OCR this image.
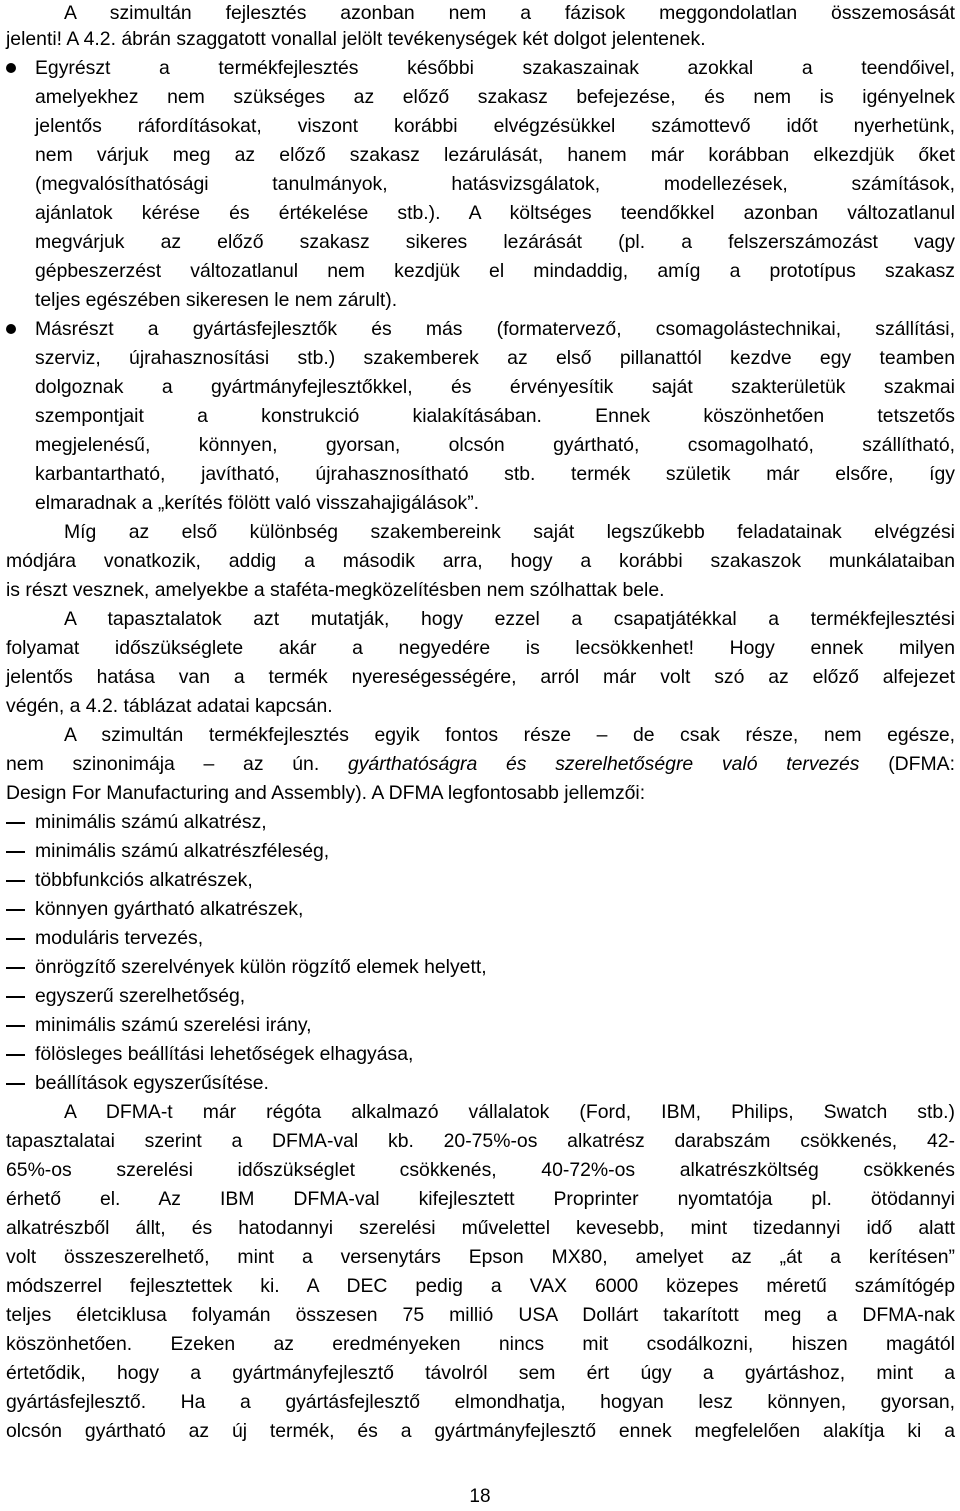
A szimultán fejlesztés azonban nem a fázisok meggondolatlan összemosását
jelenti! A 4.2. ábrán szaggatott vonallal jelölt tevékenységek két dolgot jelentenek.
Egyrészt a termékfejlesztés későbbi szakaszainak azokkal a teendőivel,
amelyekhez nem szükséges az előző szakasz befejezése, és nem is igényelnek
jelentős ráfordításokat, viszont korábbi elvégzésükkel számottevő időt nyerhetünk,
nem várjuk meg az előző szakasz lezárulását, hanem már korábban elkezdjük őket
(megvalósíthatósági tanulmányok, hatásvizsgálatok, modellezések, számítások,
ajánlatok kérése és értékelése stb.). A költséges teendőkkel azonban változatlanul
megvárjuk az előző szakasz sikeres lezárását (pl. a felszerszámozást vagy
gépbeszerzést változatlanul nem kezdjük el mindaddig, amíg a prototípus szakasz
teljes egészében sikeresen le nem zárult).
Másrészt a gyártásfejlesztők és más (formatervező, csomagolástechnikai, szállítási,
szerviz, újrahasznosítási stb.) szakemberek az első pillanattól kezdve egy teamben
dolgoznak a gyártmányfejlesztőkkel, és érvényesítik saját szakterületük szakmai
szempontjait a konstrukció kialakításában. Ennek köszönhetően tetszetős
megjelenésű, könnyen, gyorsan, olcsón gyártható, csomagolható, szállítható,
karbantartható, javítható, újrahasznosítható stb. termék születik már elsőre, így
elmaradnak a „kerítés fölött való visszahajigálások”.
Míg az első különbség szakembereink saját legszűkebb feladatainak elvégzési
módjára vonatkozik, addig a második arra, hogy a korábbi szakaszok munkálataiban
is részt vesznek, amelyekbe a staféta-megközelítésben nem szólhattak bele.
A tapasztalatok azt mutatják, hogy ezzel a csapatjátékkal a termékfejlesztési
folyamat időszükséglete akár a negyedére is lecsökkenhet! Hogy ennek milyen
jelentős hatása van a termék nyereségességére, arról már volt szó az előző alfejezet
végén, a 4.2. táblázat adatai kapcsán.
A szimultán termékfejlesztés egyik fontos része – de csak része, nem egésze,
nem szinonimája – az ún. gyárthatóságra és szerelhetőségre való tervezés (DFMA:
Design For Manufacturing and Assembly). A DFMA legfontosabb jellemzői:
minimális számú alkatrész,
minimális számú alkatrészféleség,
többfunkciós alkatrészek,
könnyen gyártható alkatrészek,
moduláris tervezés,
önrögzítő szerelvények külön rögzítő elemek helyett,
egyszerű szerelhetőség,
minimális számú szerelési irány,
fölösleges beállítási lehetőségek elhagyása,
beállítások egyszerűsítése.
A DFMA-t már régóta alkalmazó vállalatok (Ford, IBM, Philips, Swatch stb.)
tapasztalatai szerint a DFMA-val kb. 20-75%-os alkatrész darabszám csökkenés, 42-
65%-os szerelési időszükséglet csökkenés, 40-72%-os alkatrészköltség csökkenés
érhető el. Az IBM DFMA-val kifejlesztett Proprinter nyomtatója pl. ötödannyi
alkatrészből állt, és hatodannyi szerelési művelettel kevesebb, mint tizedannyi idő alatt
volt összeszerelhető, mint a versenytárs Epson MX80, amelyet az „át a kerítésen”
módszerrel fejlesztettek ki. A DEC pedig a VAX 6000 közepes méretű számítógép
teljes életciklusa folyamán összesen 75 millió USA Dollárt takarított meg a DFMA-nak
köszönhetően. Ezeken az eredményeken nincs mit csodálkozni, hiszen magától
értetődik, hogy a gyártmányfejlesztő távolról sem ért úgy a gyártáshoz, mint a
gyártásfejlesztő. Ha a gyártásfejlesztő elmondhatja, hogyan lesz könnyen, gyorsan,
olcsón gyártható az új termék, és a gyártmányfejlesztő ennek megfelelően alakítja ki a
18
